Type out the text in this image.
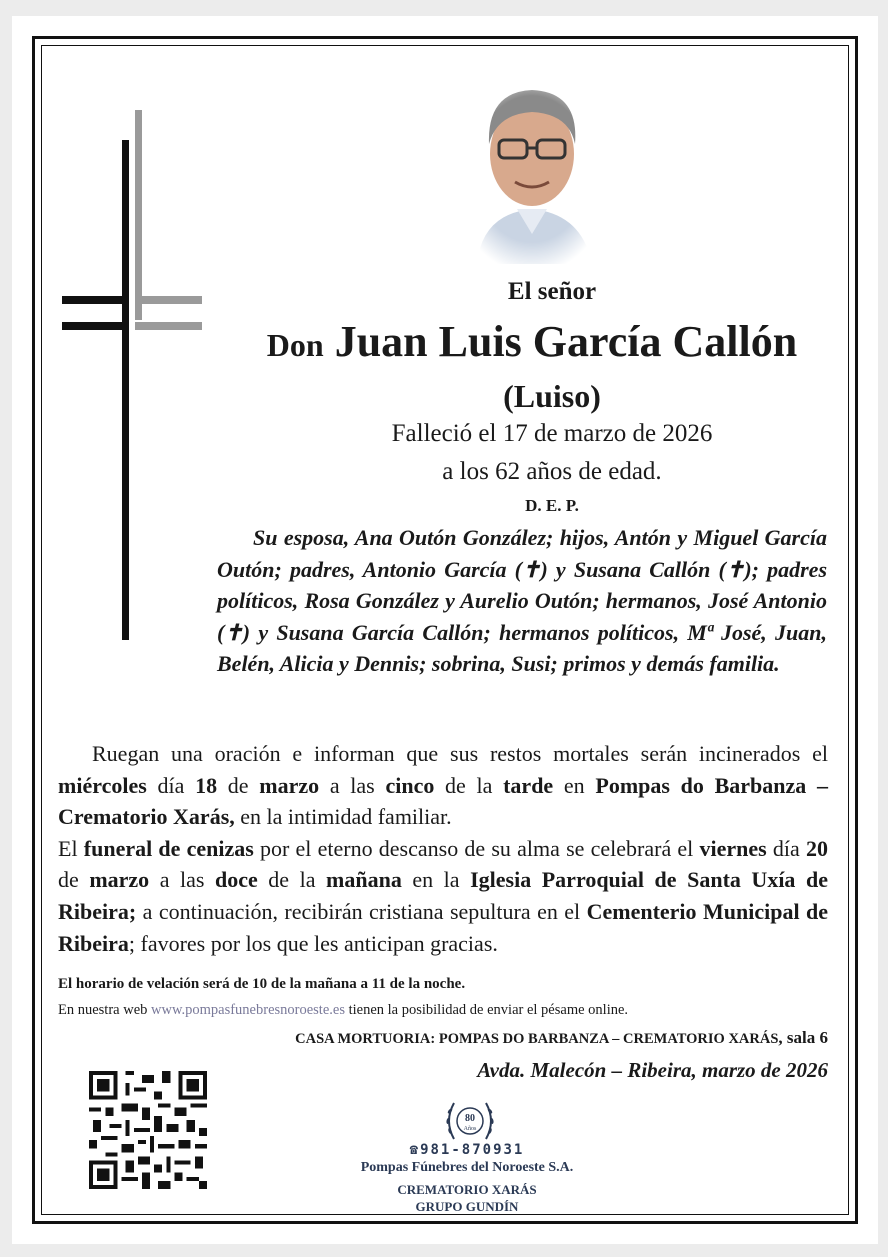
El señor
Don Juan Luis García Callón
(Luiso)
Falleció el 17 de marzo de 2026
a los 62 años de edad.
D. E. P.
Su esposa, Ana Outón González; hijos, Antón y Miguel García Outón; padres, Antonio García (✝) y Susana Callón (✝); padres políticos, Rosa González y Aurelio Outón; hermanos, José Antonio (✝) y Susana García Callón; hermanos políticos, Mª José, Juan, Belén, Alicia y Dennis; sobrina, Susi; primos y demás familia.

Ruegan una oración e informan que sus restos mortales serán incinerados el miércoles día 18 de marzo a las cinco de la tarde en Pompas do Barbanza – Crematorio Xarás, en la intimidad familiar.

El funeral de cenizas por el eterno descanso de su alma se celebrará el viernes día 20 de marzo a las doce de la mañana en la Iglesia Parroquial de Santa Uxía de Ribeira; a continuación, recibirán cristiana sepultura en el Cementerio Municipal de Ribeira; favores por los que les anticipan gracias.

El horario de velación será de 10 de la mañana a 11 de la noche.
En nuestra web www.pompasfunebresnoroeste.es tienen la posibilidad de enviar el pésame online.
CASA MORTUORIA: POMPAS DO BARBANZA – CREMATORIO XARÁS, sala 6
Avda. Malecón – Ribeira, marzo de 2026
80
Años
☎981-870931
Pompas Fúnebres del Noroeste S.A.
CREMATORIO XARÁS
GRUPO GUNDÍN
